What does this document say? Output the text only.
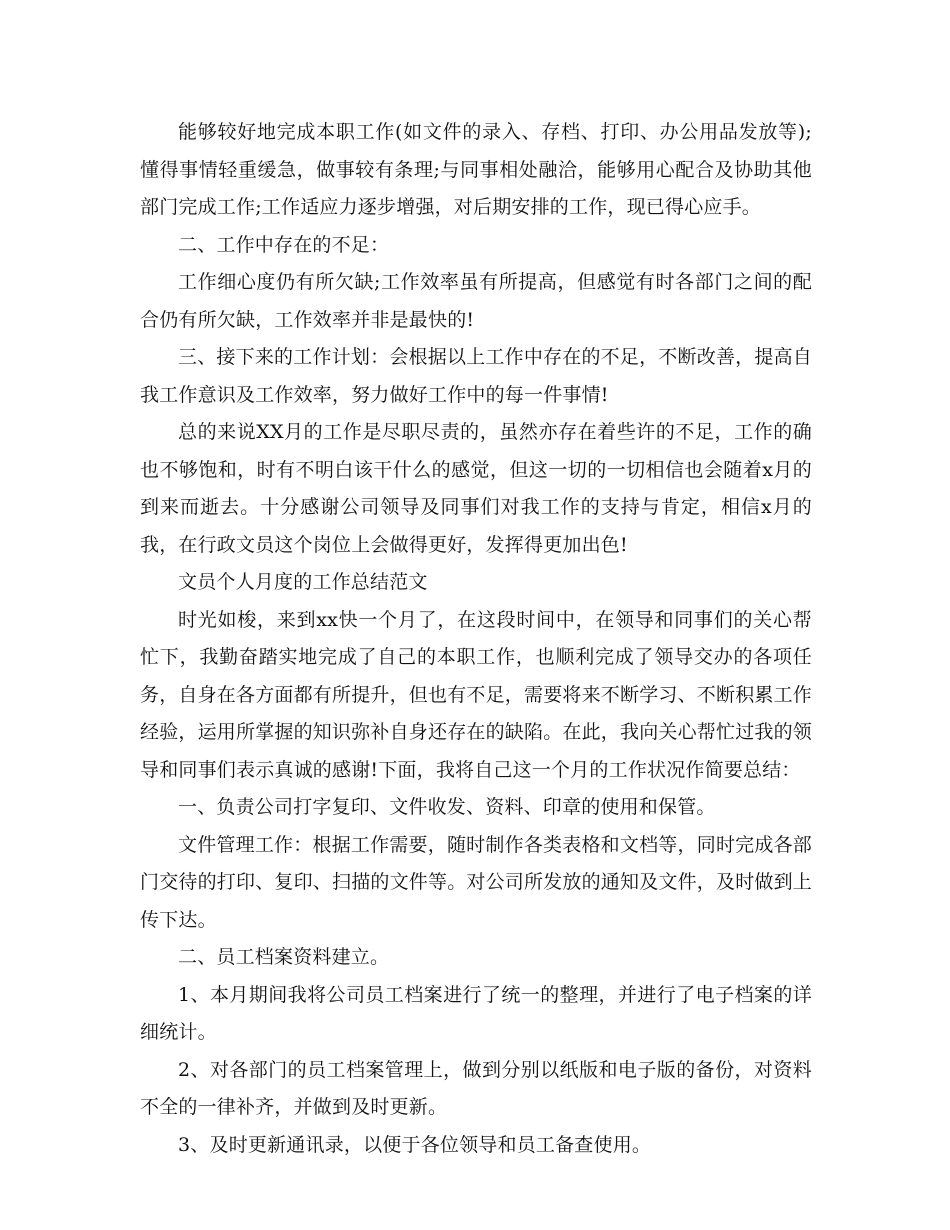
能够较好地完成本职工作(如文件的录入、存档、打印、办公用品发放等);懂得事情轻重缓急，做事较有条理;与同事相处融洽，能够用心配合及协助其他部门完成工作;工作适应力逐步增强，对后期安排的工作，现已得心应手。

二、工作中存在的不足：

工作细心度仍有所欠缺;工作效率虽有所提高，但感觉有时各部门之间的配合仍有所欠缺，工作效率并非是最快的!

三、接下来的工作计划：会根据以上工作中存在的不足，不断改善，提高自我工作意识及工作效率，努力做好工作中的每一件事情!

总的来说XX月的工作是尽职尽责的，虽然亦存在着些许的不足，工作的确也不够饱和，时有不明白该干什么的感觉，但这一切的一切相信也会随着x月的到来而逝去。十分感谢公司领导及同事们对我工作的支持与肯定，相信x月的我，在行政文员这个岗位上会做得更好，发挥得更加出色!

文员个人月度的工作总结范文

时光如梭，来到xx快一个月了，在这段时间中，在领导和同事们的关心帮忙下，我勤奋踏实地完成了自己的本职工作，也顺利完成了领导交办的各项任务，自身在各方面都有所提升，但也有不足，需要将来不断学习、不断积累工作经验，运用所掌握的知识弥补自身还存在的缺陷。在此，我向关心帮忙过我的领导和同事们表示真诚的感谢!下面，我将自己这一个月的工作状况作简要总结：

一、负责公司打字复印、文件收发、资料、印章的使用和保管。

文件管理工作：根据工作需要，随时制作各类表格和文档等，同时完成各部门交待的打印、复印、扫描的文件等。对公司所发放的通知及文件，及时做到上传下达。

二、员工档案资料建立。

1、本月期间我将公司员工档案进行了统一的整理，并进行了电子档案的详细统计。

2、对各部门的员工档案管理上，做到分别以纸版和电子版的备份，对资料不全的一律补齐，并做到及时更新。

3、及时更新通讯录，以便于各位领导和员工备查使用。
